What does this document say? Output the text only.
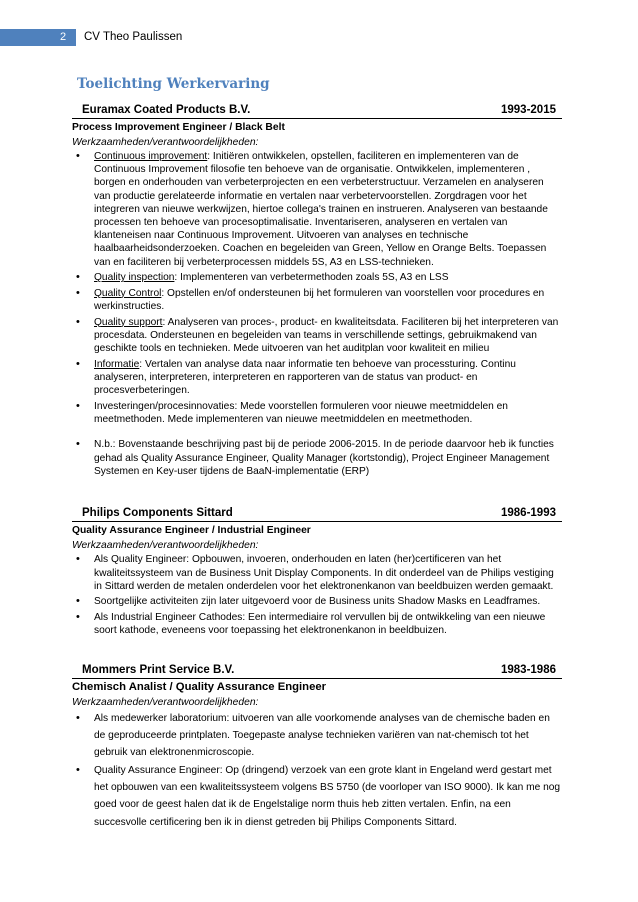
2 CV Theo Paulissen
Toelichting Werkervaring
Euramax Coated Products B.V.	1993-2015
Process Improvement Engineer / Black Belt
Werkzaamheden/verantwoordelijkheden:
• Continuous improvement: Initiëren ontwikkelen, opstellen, faciliteren en implementeren van de Continuous Improvement filosofie ten behoeve van de organisatie. Ontwikkelen, implementeren , borgen en onderhouden van verbeterprojecten en een verbeterstructuur. Verzamelen en analyseren van productie gerelateerde informatie en vertalen naar verbetervoorstellen. Zorgdragen voor het integreren van nieuwe werkwijzen, hiertoe collega's trainen en instrueren. Analyseren van bestaande processen ten behoeve van procesoptimalisatie. Inventariseren, analyseren en vertalen van klanteneisen naar Continuous Improvement. Uitvoeren van analyses en technische haalbaarheidsonderzoeken. Coachen en begeleiden van Green, Yellow en Orange Belts. Toepassen van en faciliteren bij verbeterprocessen middels 5S, A3 en LSS-technieken.
• Quality inspection: Implementeren van verbetermethoden zoals 5S, A3 en LSS
• Quality Control: Opstellen en/of ondersteunen bij het formuleren van voorstellen voor procedures en werkinstructies.
• Quality support: Analyseren van proces-, product- en kwaliteitsdata. Faciliteren bij het interpreteren van procesdata. Ondersteunen en begeleiden van teams in verschillende settings, gebruikmakend van geschikte tools en technieken. Mede uitvoeren van het auditplan voor kwaliteit en milieu
• Informatie: Vertalen van analyse data naar informatie ten behoeve van processturing. Continu analyseren, interpreteren, interpreteren en rapporteren van de status van product- en procesverbeteringen.
• Investeringen/procesinnovaties: Mede voorstellen formuleren voor nieuwe meetmiddelen en meetmethoden. Mede implementeren van nieuwe meetmiddelen en meetmethoden.
• N.b.: Bovenstaande beschrijving past bij de periode 2006-2015. In de periode daarvoor heb ik functies gehad als Quality Assurance Engineer, Quality Manager (kortstondig), Project Engineer Management Systemen en Key-user tijdens de BaaN-implementatie (ERP)
Philips Components Sittard	1986-1993
Quality Assurance Engineer / Industrial Engineer
Werkzaamheden/verantwoordelijkheden:
• Als Quality Engineer: Opbouwen, invoeren, onderhouden en laten (her)certificeren van het kwaliteitssysteem van de Business Unit Display Components. In dit onderdeel van de Philips vestiging in Sittard werden de metalen onderdelen voor het elektronenkanon van beeldbuizen werden gemaakt.
• Soortgelijke activiteiten zijn later uitgevoerd voor de Business units Shadow Masks en Leadframes.
• Als Industrial Engineer Cathodes: Een intermediaire rol vervullen bij de ontwikkeling van een nieuwe soort kathode, eveneens voor toepassing het elektronenkanon in beeldbuizen.
Mommers Print Service B.V.	1983-1986
Chemisch Analist / Quality Assurance Engineer
Werkzaamheden/verantwoordelijkheden:
• Als medewerker laboratorium: uitvoeren van alle voorkomende analyses van de chemische baden en de geproduceerde printplaten. Toegepaste analyse technieken variëren van nat-chemisch tot het gebruik van elektronenmicroscopie.
• Quality Assurance Engineer: Op (dringend) verzoek van een grote klant in Engeland werd gestart met het opbouwen van een kwaliteitssysteem volgens BS 5750 (de voorloper van ISO 9000). Ik kan me nog goed voor de geest halen dat ik de Engelstalige norm thuis heb zitten vertalen. Enfin, na een succesvolle certificering ben ik in dienst getreden bij Philips Components Sittard.
